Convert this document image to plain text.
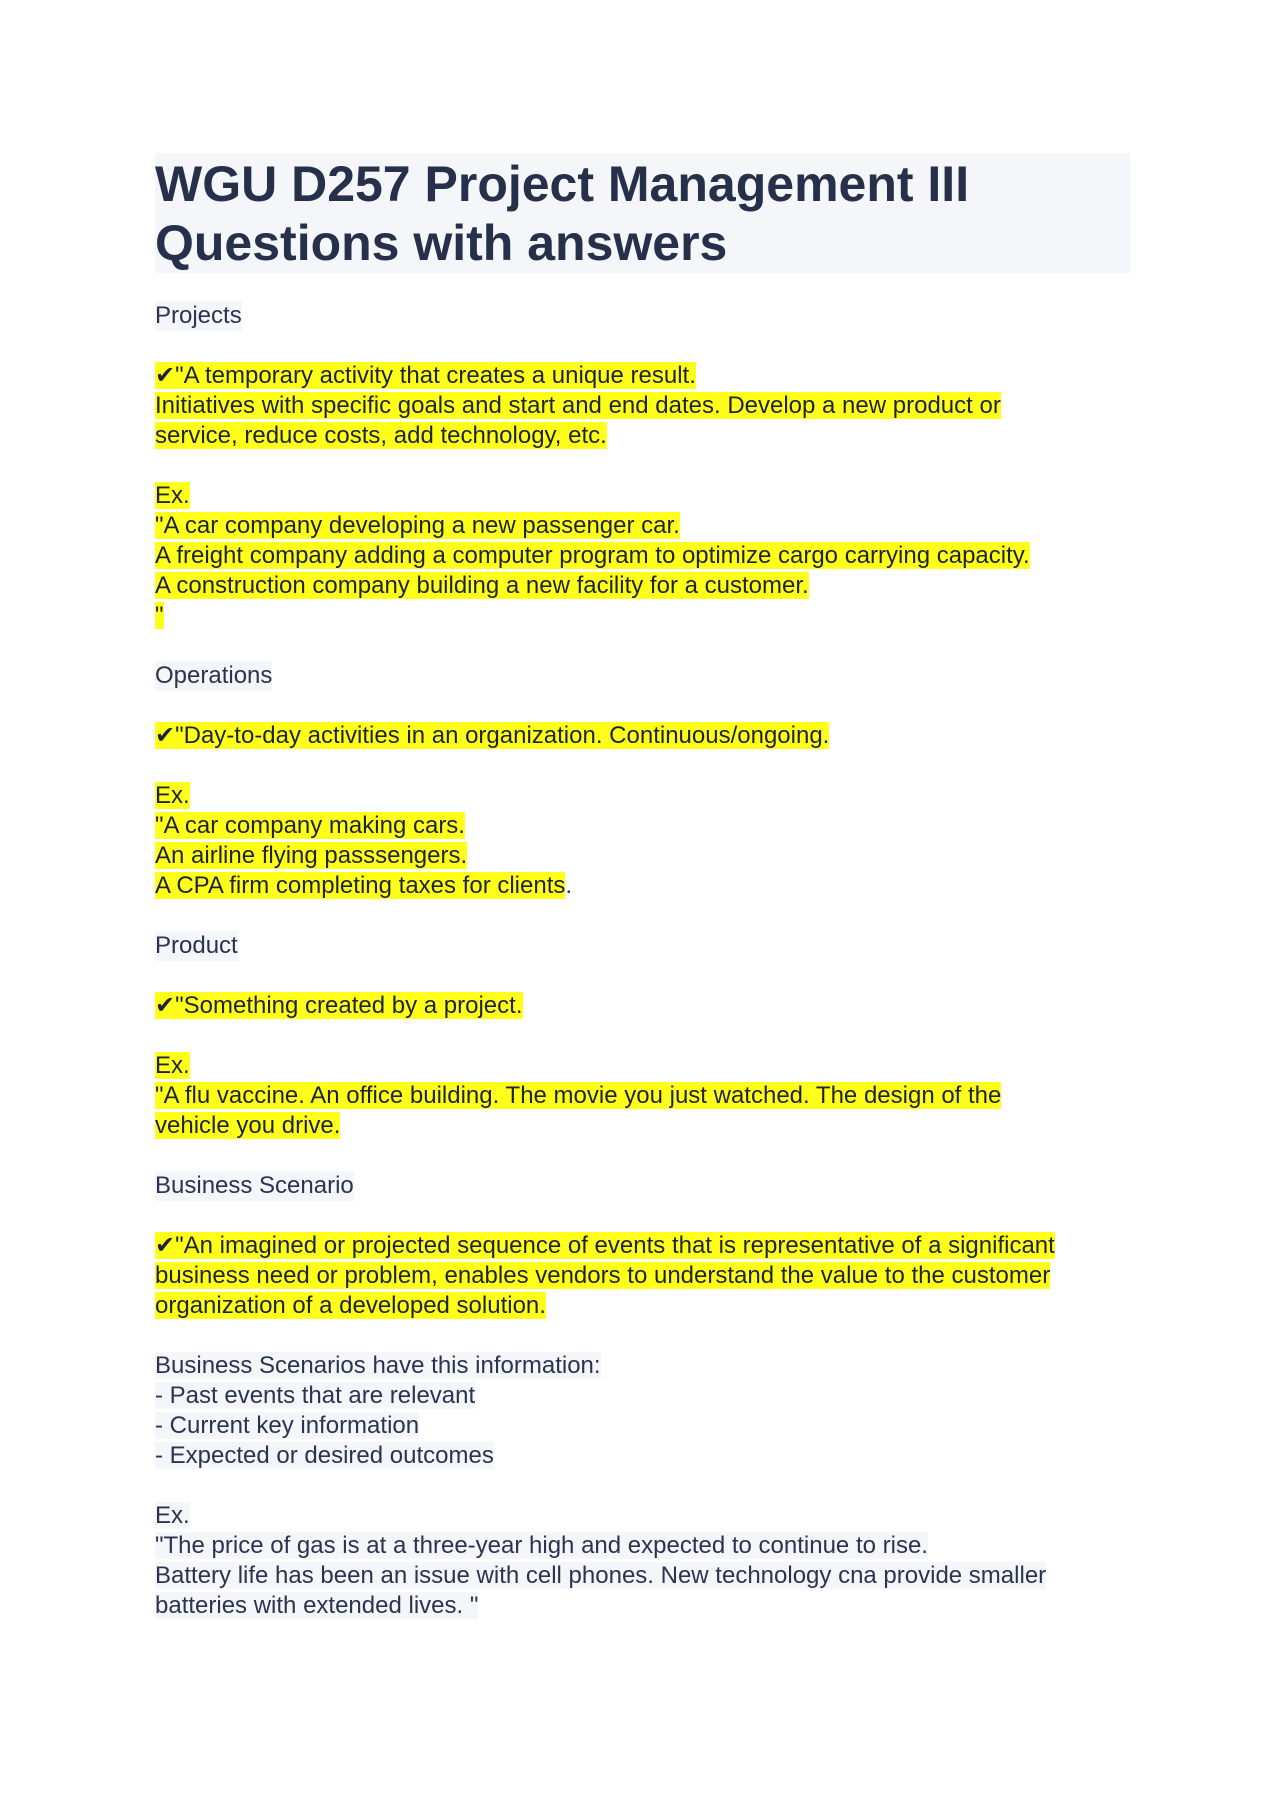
WGU D257 Project Management III
Questions with answers
Projects
✔"A temporary activity that creates a unique result.
Initiatives with specific goals and start and end dates. Develop a new product or
service, reduce costs, add technology, etc.
Ex.
"A car company developing a new passenger car.
A freight company adding a computer program to optimize cargo carrying capacity.
A construction company building a new facility for a customer.
"
Operations
✔"Day-to-day activities in an organization. Continuous/ongoing.
Ex.
"A car company making cars.
An airline flying passsengers.
A CPA firm completing taxes for clients.
Product
✔"Something created by a project.
Ex.
"A flu vaccine. An office building. The movie you just watched. The design of the
vehicle you drive.
Business Scenario
✔"An imagined or projected sequence of events that is representative of a significant
business need or problem, enables vendors to understand the value to the customer
organization of a developed solution.
Business Scenarios have this information:
- Past events that are relevant
- Current key information
- Expected or desired outcomes
Ex.
"The price of gas is at a three-year high and expected to continue to rise.
Battery life has been an issue with cell phones. New technology cna provide smaller
batteries with extended lives. "
